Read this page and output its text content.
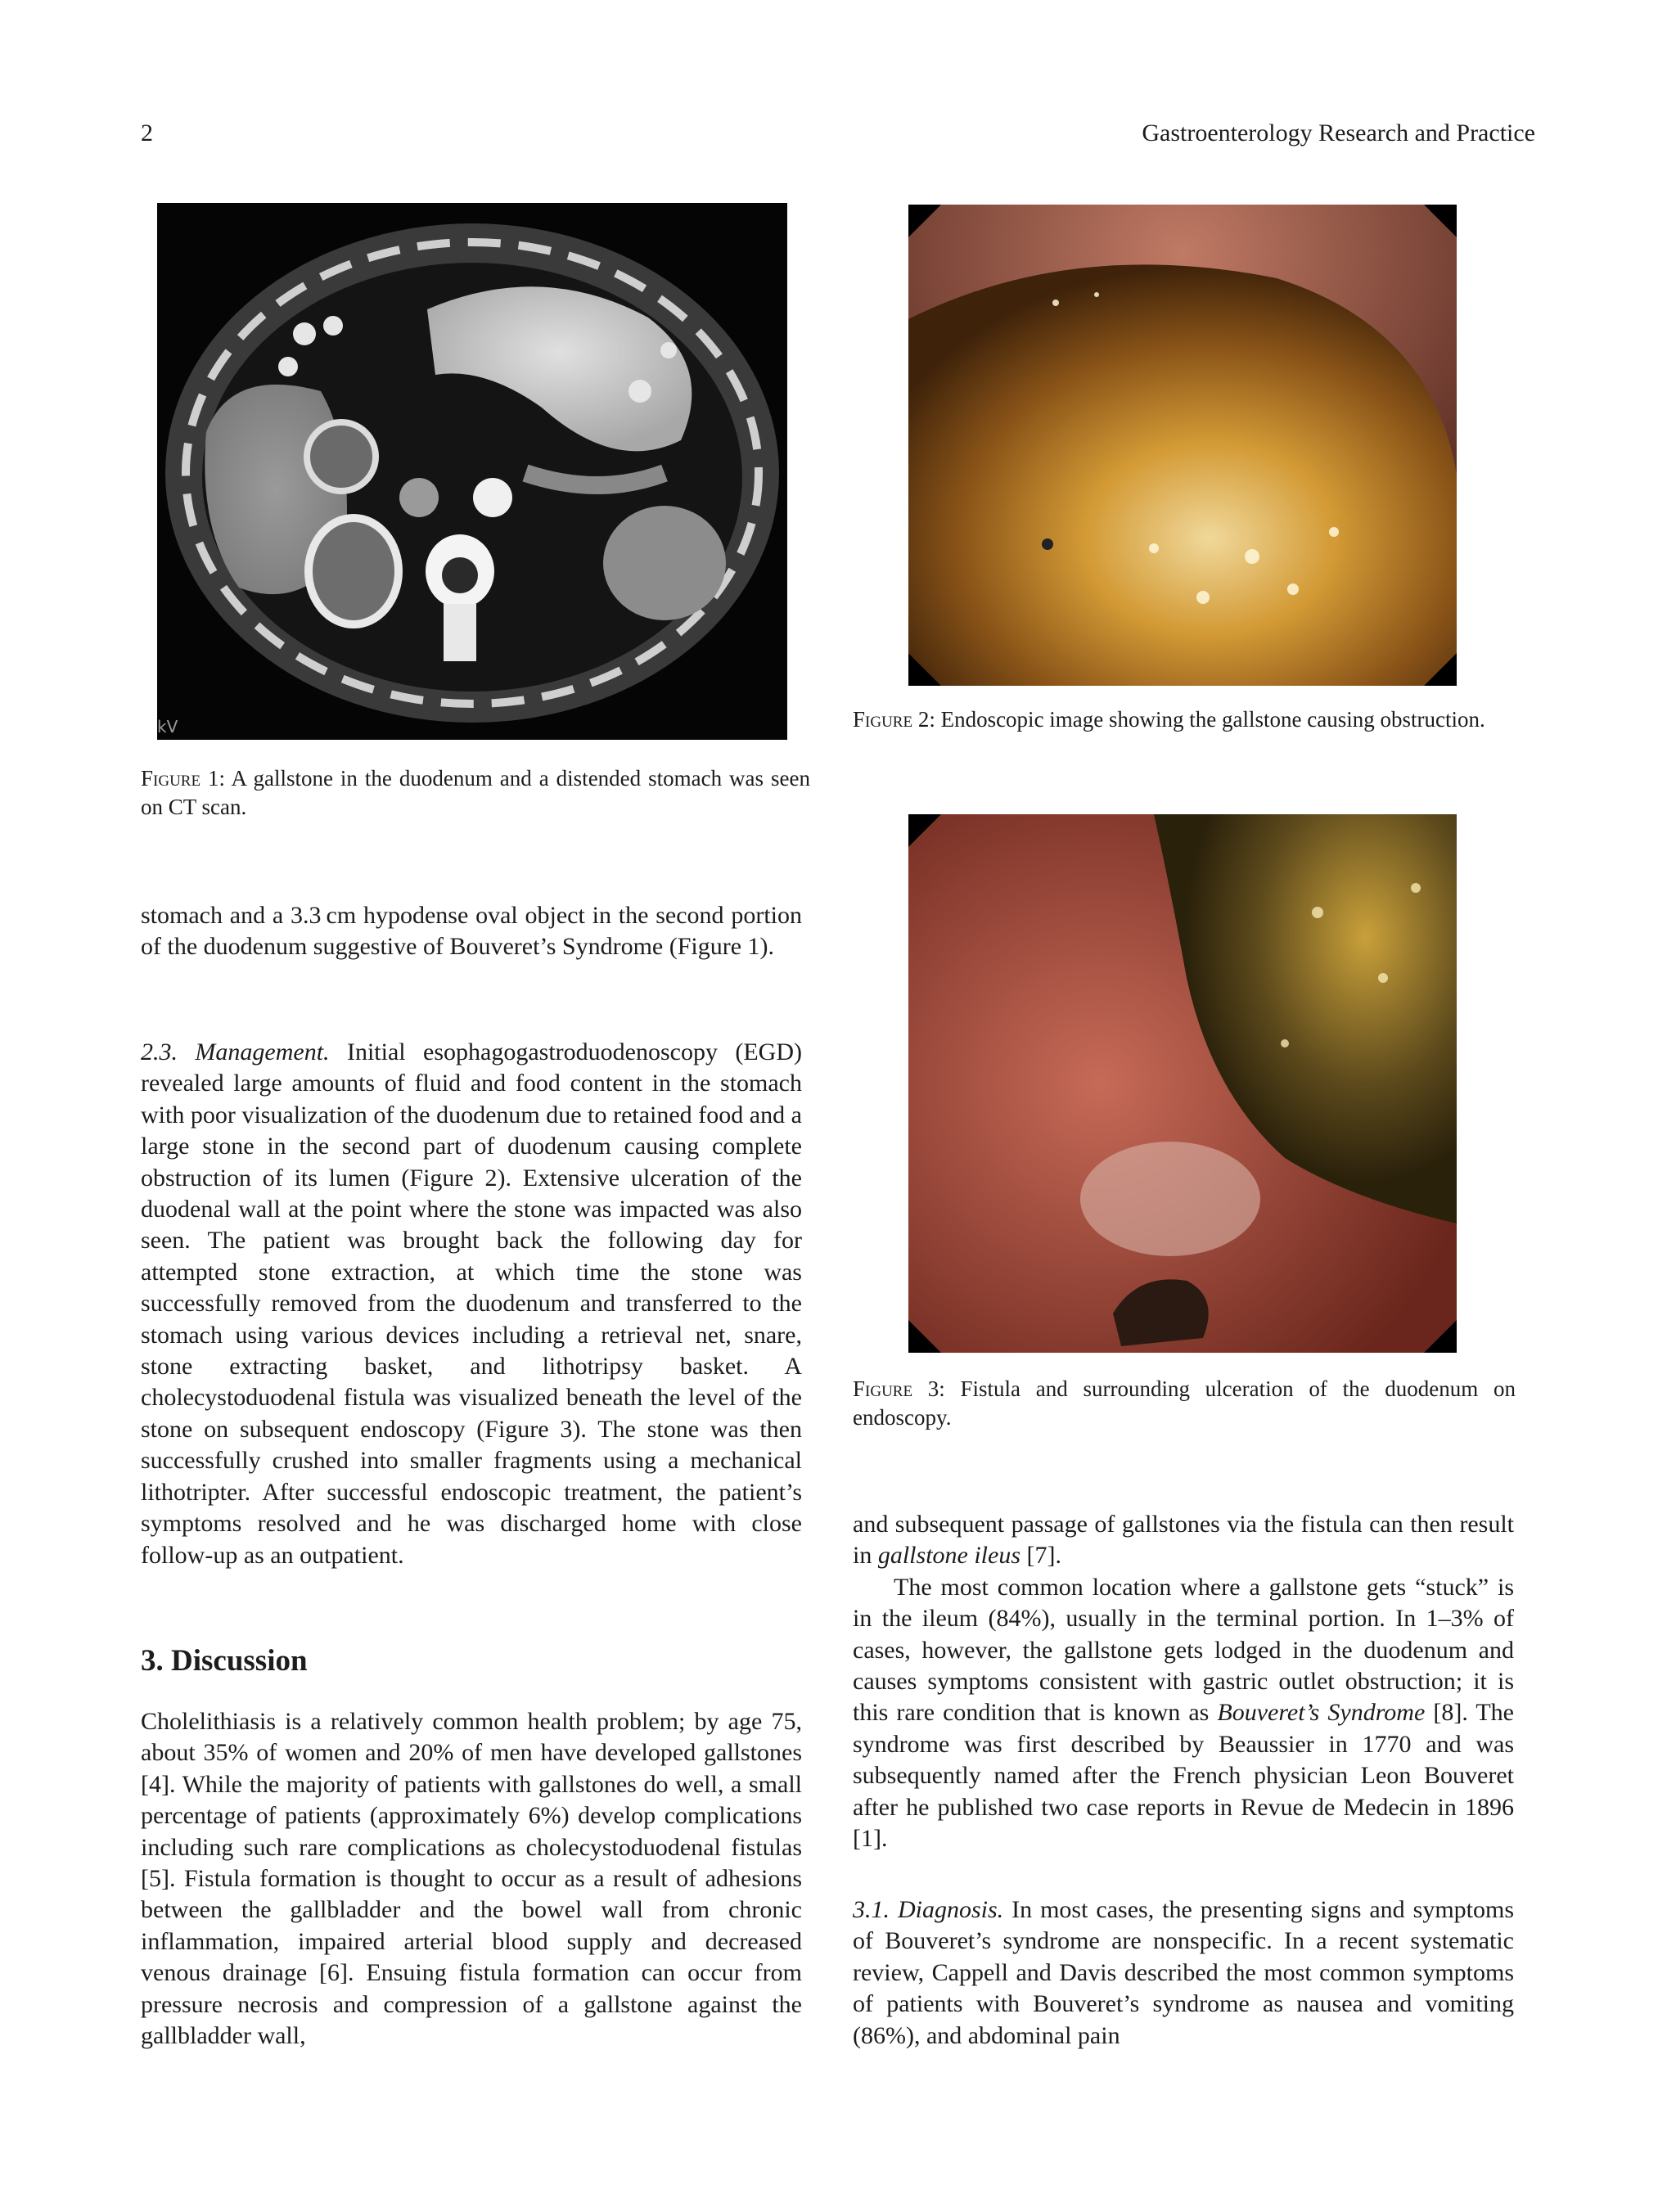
2	Gastroenterology Research and Practice
kV
Figure 1: A gallstone in the duodenum and a distended stomach was seen on CT scan.
Figure 2: Endoscopic image showing the gallstone causing obstruction.
Figure 3: Fistula and surrounding ulceration of the duodenum on endoscopy.

stomach and a 3.3 cm hypodense oval object in the second portion of the duodenum suggestive of Bouveret’s Syndrome (Figure 1).

2.3. Management. Initial esophagogastroduodenoscopy (EGD) revealed large amounts of fluid and food content in the stomach with poor visualization of the duodenum due to retained food and a large stone in the second part of duodenum causing complete obstruction of its lumen (Figure 2). Extensive ulceration of the duodenal wall at the point where the stone was impacted was also seen. The patient was brought back the following day for attempted stone extraction, at which time the stone was successfully removed from the duodenum and transferred to the stomach using various devices including a retrieval net, snare, stone extracting basket, and lithotripsy basket. A cholecystoduodenal fistula was visualized beneath the level of the stone on subsequent endoscopy (Figure 3). The stone was then successfully crushed into smaller fragments using a mechanical lithotripter. After successful endoscopic treatment, the patient’s symptoms resolved and he was discharged home with close follow-up as an outpatient.

3. Discussion

Cholelithiasis is a relatively common health problem; by age 75, about 35% of women and 20% of men have developed gallstones [4]. While the majority of patients with gallstones do well, a small percentage of patients (approximately 6%) develop complications including such rare complications as cholecystoduodenal fistulas [5]. Fistula formation is thought to occur as a result of adhesions between the gallbladder and the bowel wall from chronic inflammation, impaired arterial blood supply and decreased venous drainage [6]. Ensuing fistula formation can occur from pressure necrosis and compression of a gallstone against the gallbladder wall,

and subsequent passage of gallstones via the fistula can then result in gallstone ileus [7].

The most common location where a gallstone gets “stuck” is in the ileum (84%), usually in the terminal portion. In 1–3% of cases, however, the gallstone gets lodged in the duodenum and causes symptoms consistent with gastric outlet obstruction; it is this rare condition that is known as Bouveret’s Syndrome [8]. The syndrome was first described by Beaussier in 1770 and was subsequently named after the French physician Leon Bouveret after he published two case reports in Revue de Medecin in 1896 [1].

3.1. Diagnosis. In most cases, the presenting signs and symptoms of Bouveret’s syndrome are nonspecific. In a recent systematic review, Cappell and Davis described the most common symptoms of patients with Bouveret’s syndrome as nausea and vomiting (86%), and abdominal pain
